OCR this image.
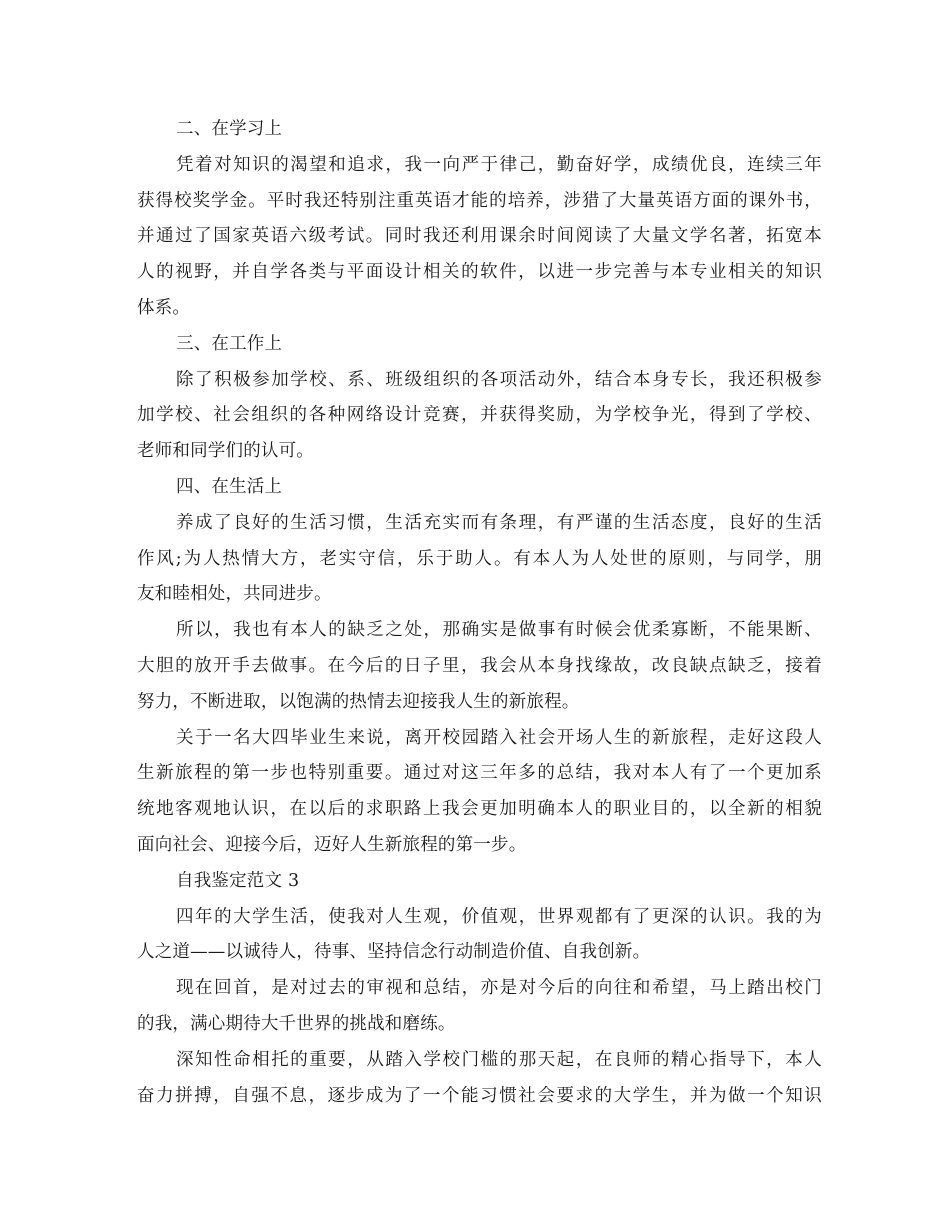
二、在学习上
凭着对知识的渴望和追求，我一向严于律己，勤奋好学，成绩优良，连续三年
获得校奖学金。平时我还特别注重英语才能的培养，涉猎了大量英语方面的课外书，
并通过了国家英语六级考试。同时我还利用课余时间阅读了大量文学名著，拓宽本
人的视野，并自学各类与平面设计相关的软件，以进一步完善与本专业相关的知识
体系。
三、在工作上
除了积极参加学校、系、班级组织的各项活动外，结合本身专长，我还积极参
加学校、社会组织的各种网络设计竞赛，并获得奖励，为学校争光，得到了学校、
老师和同学们的认可。
四、在生活上
养成了良好的生活习惯，生活充实而有条理，有严谨的生活态度，良好的生活
作风;为人热情大方，老实守信，乐于助人。有本人为人处世的原则，与同学，朋
友和睦相处，共同进步。
所以，我也有本人的缺乏之处，那确实是做事有时候会优柔寡断，不能果断、
大胆的放开手去做事。在今后的日子里，我会从本身找缘故，改良缺点缺乏，接着
努力，不断进取，以饱满的热情去迎接我人生的新旅程。
关于一名大四毕业生来说，离开校园踏入社会开场人生的新旅程，走好这段人
生新旅程的第一步也特别重要。通过对这三年多的总结，我对本人有了一个更加系
统地客观地认识，在以后的求职路上我会更加明确本人的职业目的，以全新的相貌
面向社会、迎接今后，迈好人生新旅程的第一步。
自我鉴定范文 3
四年的大学生活，使我对人生观，价值观，世界观都有了更深的认识。我的为
人之道——以诚待人，待事、坚持信念行动制造价值、自我创新。
现在回首，是对过去的审视和总结，亦是对今后的向往和希望，马上踏出校门
的我，满心期待大千世界的挑战和磨练。
深知性命相托的重要，从踏入学校门槛的那天起，在良师的精心指导下，本人
奋力拼搏，自强不息，逐步成为了一个能习惯社会要求的大学生，并为做一个知识
